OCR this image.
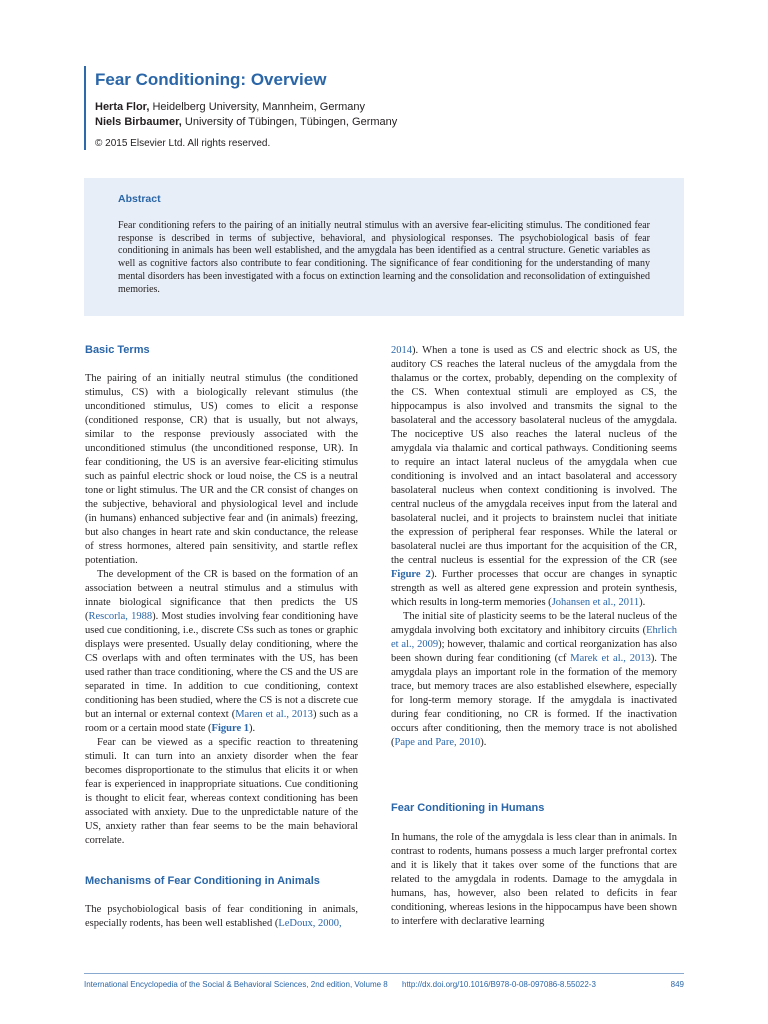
Fear Conditioning: Overview
Herta Flor, Heidelberg University, Mannheim, Germany
Niels Birbaumer, University of Tübingen, Tübingen, Germany
© 2015 Elsevier Ltd. All rights reserved.
Abstract
Fear conditioning refers to the pairing of an initially neutral stimulus with an aversive fear-eliciting stimulus. The conditioned fear response is described in terms of subjective, behavioral, and physiological responses. The psychobiological basis of fear conditioning in animals has been well established, and the amygdala has been identified as a central structure. Genetic variables as well as cognitive factors also contribute to fear conditioning. The significance of fear conditioning for the understanding of many mental disorders has been investigated with a focus on extinction learning and the consolidation and reconsolidation of extinguished memories.
Basic Terms

The pairing of an initially neutral stimulus (the conditioned stimulus, CS) with a biologically relevant stimulus (the unconditioned stimulus, US) comes to elicit a response (conditioned response, CR) that is usually, but not always, similar to the response previously associated with the unconditioned stimulus (the unconditioned response, UR). In fear conditioning, the US is an aversive fear-eliciting stimulus such as painful electric shock or loud noise, the CS is a neutral tone or light stimulus. The UR and the CR consist of changes on the subjective, behavioral and physiological level and include (in humans) enhanced subjective fear and (in animals) freezing, but also changes in heart rate and skin conductance, the release of stress hormones, altered pain sensitivity, and startle reflex potentiation.

The development of the CR is based on the formation of an association between a neutral stimulus and a stimulus with innate biological significance that then predicts the US (Rescorla, 1988). Most studies involving fear conditioning have used cue conditioning, i.e., discrete CSs such as tones or graphic displays were presented. Usually delay conditioning, where the CS overlaps with and often terminates with the US, has been used rather than trace conditioning, where the CS and the US are separated in time. In addition to cue conditioning, context conditioning has been studied, where the CS is not a discrete cue but an internal or external context (Maren et al., 2013) such as a room or a certain mood state (Figure 1).

Fear can be viewed as a specific reaction to threatening stimuli. It can turn into an anxiety disorder when the fear becomes disproportionate to the stimulus that elicits it or when fear is experienced in inappropriate situations. Cue conditioning is thought to elicit fear, whereas context conditioning has been associated with anxiety. Due to the unpredictable nature of the US, anxiety rather than fear seems to be the main behavioral correlate.

Mechanisms of Fear Conditioning in Animals

The psychobiological basis of fear conditioning in animals, especially rodents, has been well established (LeDoux, 2000,

2014). When a tone is used as CS and electric shock as US, the auditory CS reaches the lateral nucleus of the amygdala from the thalamus or the cortex, probably, depending on the complexity of the CS. When contextual stimuli are employed as CS, the hippocampus is also involved and transmits the signal to the basolateral and the accessory basolateral nucleus of the amygdala. The nociceptive US also reaches the lateral nucleus of the amygdala via thalamic and cortical pathways. Conditioning seems to require an intact lateral nucleus of the amygdala when cue conditioning is involved and an intact basolateral and accessory basolateral nucleus when context conditioning is involved. The central nucleus of the amygdala receives input from the lateral and basolateral nuclei, and it projects to brainstem nuclei that initiate the expression of peripheral fear responses. While the lateral or basolateral nuclei are thus important for the acquisition of the CR, the central nucleus is essential for the expression of the CR (see Figure 2). Further processes that occur are changes in synaptic strength as well as altered gene expression and protein synthesis, which results in long-term memories (Johansen et al., 2011).

The initial site of plasticity seems to be the lateral nucleus of the amygdala involving both excitatory and inhibitory circuits (Ehrlich et al., 2009); however, thalamic and cortical reorganization has also been shown during fear conditioning (cf Marek et al., 2013). The amygdala plays an important role in the formation of the memory trace, but memory traces are also established elsewhere, especially for long-term memory storage. If the amygdala is inactivated during fear conditioning, no CR is formed. If the inactivation occurs after conditioning, then the memory trace is not abolished (Pape and Pare, 2010).

Fear Conditioning in Humans

In humans, the role of the amygdala is less clear than in animals. In contrast to rodents, humans possess a much larger prefrontal cortex and it is likely that it takes over some of the functions that are related to the amygdala in rodents. Damage to the amygdala in humans, has, however, also been related to deficits in fear conditioning, whereas lesions in the hippocampus have been shown to interfere with declarative learning

International Encyclopedia of the Social & Behavioral Sciences, 2nd edition, Volume 8 http://dx.doi.org/10.1016/B978-0-08-097086-8.55022-3	849
